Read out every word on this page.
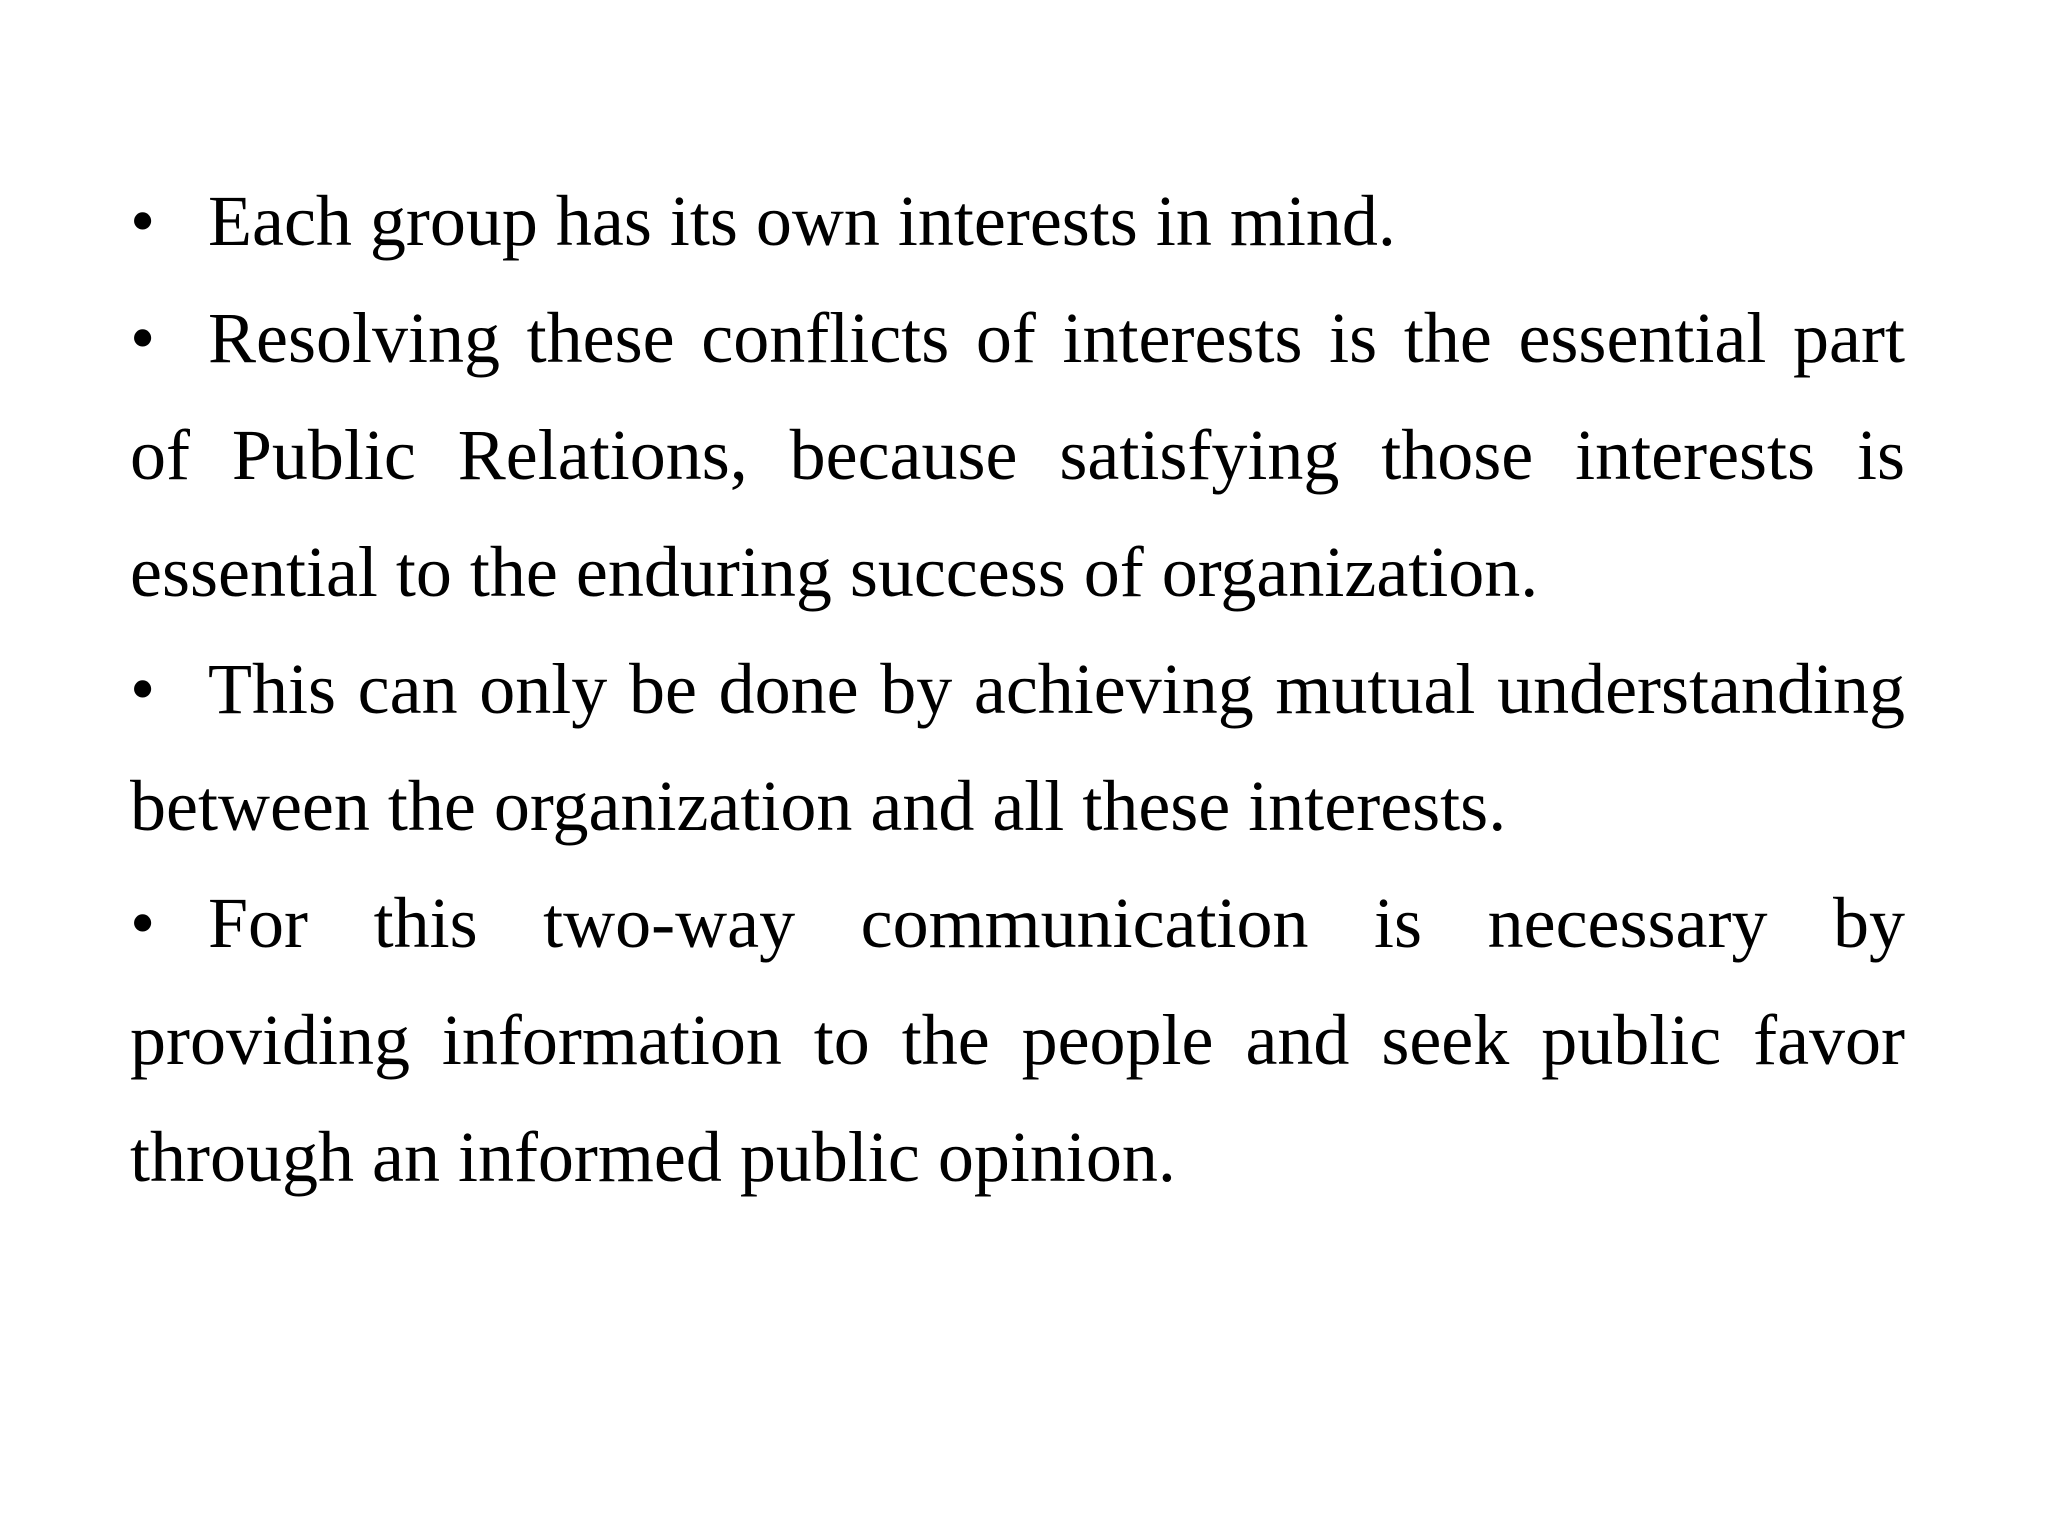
• Each group has its own interests in mind.

• Resolving these conflicts of interests is the essential part of Public Relations, because satisfying those interests is essential to the enduring success of organization.

• This can only be done by achieving mutual understanding between the organization and all these interests.

• For this two-way communication is necessary by providing information to the people and seek public favor through an informed public opinion.
